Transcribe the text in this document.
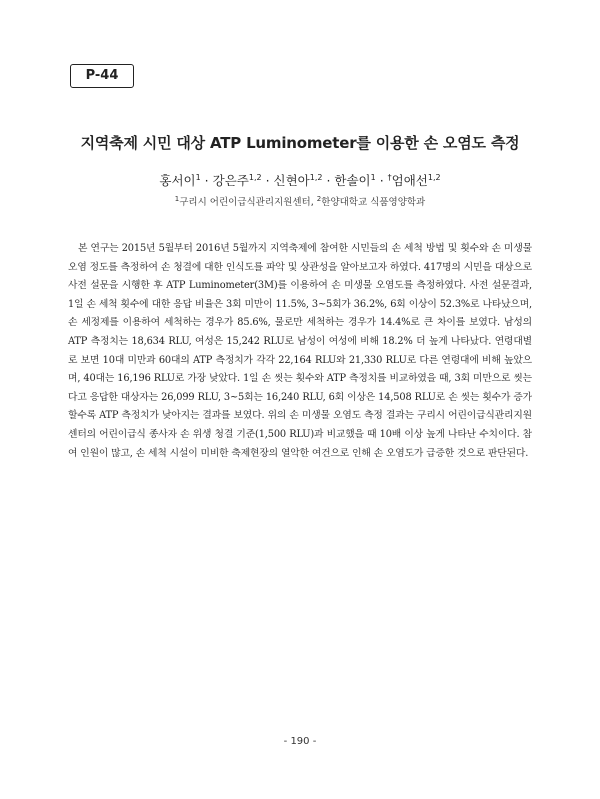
P-44
지역축제 시민 대상 ATP Luminometer를 이용한 손 오염도 측정
홍서이$^1$ · 강은주$^{1,2}$ · 신현아$^{1,2}$ · 한솔이$^1$ · †엄애선$^{1,2}$
$^1$구리시 어린이급식관리지원센터, $^2$한양대학교 식품영양학과

본 연구는 2015년 5월부터 2016년 5월까지 지역축제에 참여한 시민들의 손 세척 방법 및 횟수와 손 미생물 오염 정도를 측정하여 손 청결에 대한 인식도를 파악 및 상관성을 알아보고자 하였다. 417명의 시민을 대상으로 사전 설문을 시행한 후 ATP Luminometer(3M)를 이용하여 손 미생물 오염도를 측정하였다. 사전 설문결과, 1일 손 세척 횟수에 대한 응답 비율은 3회 미만이 11.5%, 3~5회가 36.2%, 6회 이상이 52.3%로 나타났으며, 손 세정제를 이용하여 세척하는 경우가 85.6%, 물로만 세척하는 경우가 14.4%로 큰 차이를 보였다. 남성의 ATP 측정치는 18,634 RLU, 여성은 15,242 RLU로 남성이 여성에 비해 18.2% 더 높게 나타났다. 연령대별로 보면 10대 미만과 60대의 ATP 측정치가 각각 22,164 RLU와 21,330 RLU로 다른 연령대에 비해 높았으며, 40대는 16,196 RLU로 가장 낮았다. 1일 손 씻는 횟수와 ATP 측정치를 비교하였을 때, 3회 미만으로 씻는다고 응답한 대상자는 26,099 RLU, 3~5회는 16,240 RLU, 6회 이상은 14,508 RLU로 손 씻는 횟수가 증가할수록 ATP 측정치가 낮아지는 결과를 보였다. 위의 손 미생물 오염도 측정 결과는 구리시 어린이급식관리지원센터의 어린이급식 종사자 손 위생 청결 기준(1,500 RLU)과 비교했을 때 10배 이상 높게 나타난 수치이다. 참여 인원이 많고, 손 세척 시설이 미비한 축제현장의 열악한 여건으로 인해 손 오염도가 급증한 것으로 판단된다.

- 190 -
